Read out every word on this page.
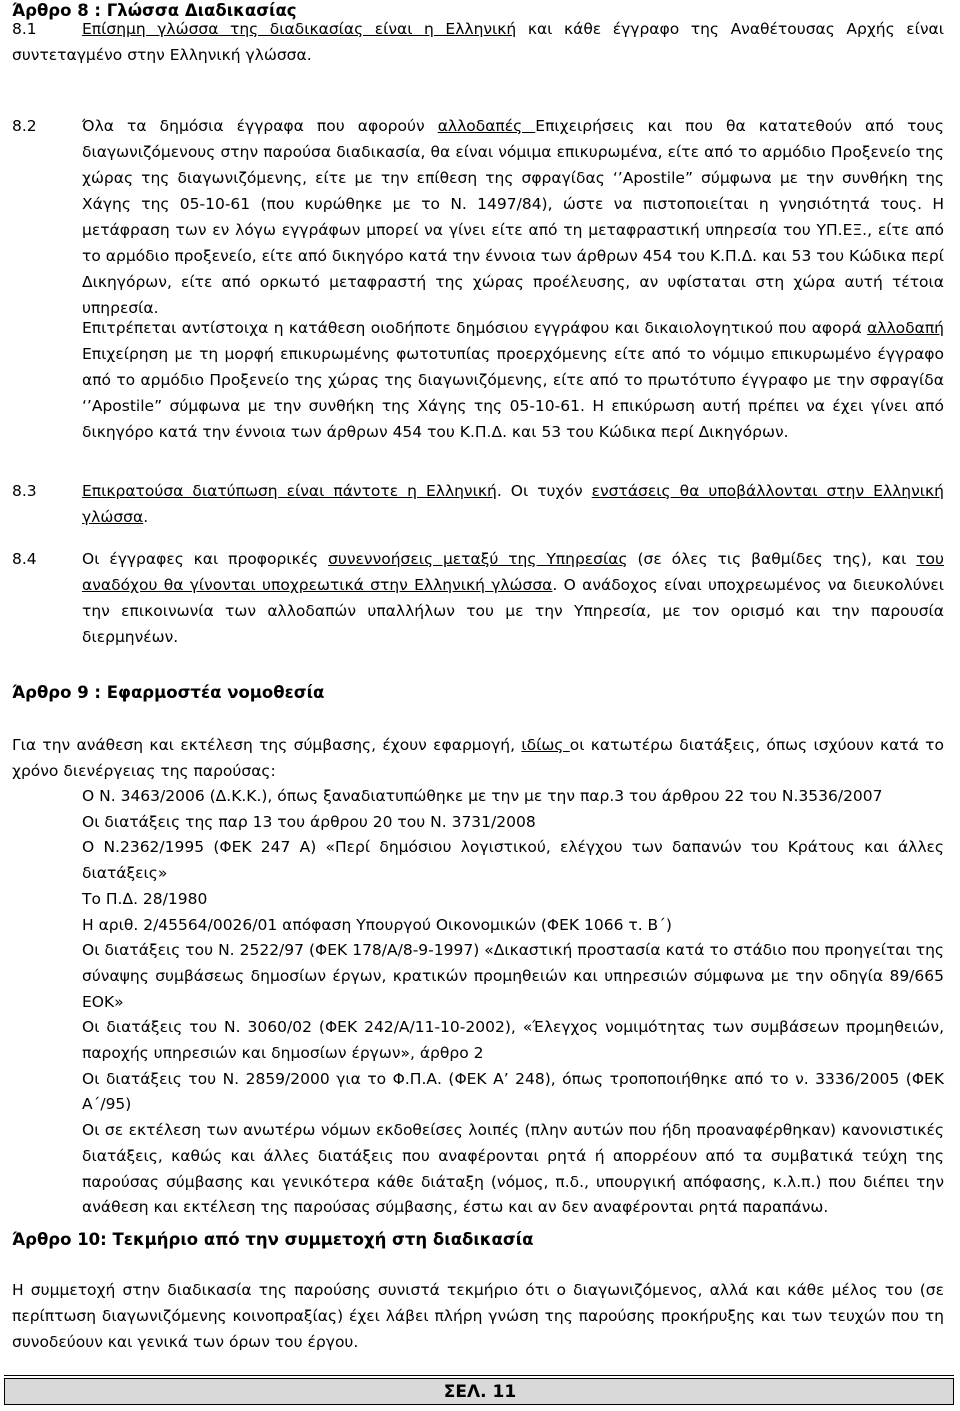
Άρθρο 8 : Γλώσσα Διαδικασίας
8.1	Επίσημη γλώσσα της διαδικασίας είναι η Ελληνική και κάθε έγγραφο της Αναθέτουσας Αρχής είναι συντεταγμένο στην Ελληνική γλώσσα.

8.2	Όλα τα δημόσια έγγραφα που αφορούν αλλοδαπές Επιχειρήσεις και που θα κατατεθούν από τους διαγωνιζόμενους στην παρούσα διαδικασία, θα είναι νόμιμα επικυρωμένα, είτε από το αρμόδιο Προξενείο της χώρας της διαγωνιζόμενης, είτε με την επίθεση της σφραγίδας ‘’Apostile” σύμφωνα με την συνθήκη της Χάγης της 05-10-61 (που κυρώθηκε με το Ν. 1497/84), ώστε να πιστοποιείται η γνησιότητά τους. Η μετάφραση των εν λόγω εγγράφων μπορεί να γίνει είτε από τη μεταφραστική υπηρεσία του ΥΠ.ΕΞ., είτε από το αρμόδιο προξενείο, είτε από δικηγόρο κατά την έννοια των άρθρων 454 του Κ.Π.Δ. και 53 του Κώδικα περί Δικηγόρων, είτε από ορκωτό μεταφραστή της χώρας προέλευσης, αν υφίσταται στη χώρα αυτή τέτοια υπηρεσία.

Επιτρέπεται αντίστοιχα η κατάθεση οιοδήποτε δημόσιου εγγράφου και δικαιολογητικού που αφορά αλλοδαπή Επιχείρηση με τη μορφή επικυρωμένης φωτοτυπίας προερχόμενης είτε από το νόμιμο επικυρωμένο έγγραφο από το αρμόδιο Προξενείο της χώρας της διαγωνιζόμενης, είτε από το πρωτότυπο έγγραφο με την σφραγίδα ‘’Apostile” σύμφωνα με την συνθήκη της Χάγης της 05-10-61. Η επικύρωση αυτή πρέπει να έχει γίνει από δικηγόρο κατά την έννοια των άρθρων 454 του Κ.Π.Δ. και 53 του Κώδικα περί Δικηγόρων.

8.3	Επικρατούσα διατύπωση είναι πάντοτε η Ελληνική. Οι τυχόν ενστάσεις θα υποβάλλονται στην Ελληνική γλώσσα.

8.4	Οι έγγραφες και προφορικές συνεννοήσεις μεταξύ της Υπηρεσίας (σε όλες τις βαθμίδες της), και του αναδόχου θα γίνονται υποχρεωτικά στην Ελληνική γλώσσα. Ο ανάδοχος είναι υποχρεωμένος να διευκολύνει την επικοινωνία των αλλοδαπών υπαλλήλων του με την Υπηρεσία, με τον ορισμό και την παρουσία διερμηνέων.

Άρθρο 9 : Εφαρμοστέα νομοθεσία

Για την ανάθεση και εκτέλεση της σύμβασης, έχουν εφαρμογή, ιδίως οι κατωτέρω διατάξεις, όπως ισχύουν κατά το χρόνο διενέργειας της παρούσας:

Ο Ν. 3463/2006 (Δ.Κ.Κ.), όπως ξαναδιατυπώθηκε με την με την παρ.3 του άρθρου 22 του Ν.3536/2007
Οι διατάξεις της παρ 13 του άρθρου 20 του Ν. 3731/2008
Ο Ν.2362/1995 (ΦΕΚ 247 Α) «Περί δημόσιου λογιστικού, ελέγχου των δαπανών του Κράτους και άλλες διατάξεις»
Το Π.Δ. 28/1980
Η αριθ. 2/45564/0026/01 απόφαση Υπουργού Οικονομικών (ΦΕΚ 1066 τ. Β΄)
Οι διατάξεις του Ν. 2522/97 (ΦΕΚ 178/Α/8-9-1997) «Δικαστική προστασία κατά το στάδιο που προηγείται της σύναψης συμβάσεως δημοσίων έργων, κρατικών προμηθειών και υπηρεσιών σύμφωνα με την οδηγία 89/665 ΕΟΚ»
Οι διατάξεις του Ν. 3060/02 (ΦΕΚ 242/Α/11-10-2002), «Έλεγχος νομιμότητας των συμβάσεων προμηθειών, παροχής υπηρεσιών και δημοσίων έργων», άρθρο 2
Οι διατάξεις του Ν. 2859/2000 για το Φ.Π.Α. (ΦΕΚ Α’ 248), όπως τροποποιήθηκε από το ν. 3336/2005 (ΦΕΚ Α΄/95)
Οι σε εκτέλεση των ανωτέρω νόμων εκδοθείσες λοιπές (πλην αυτών που ήδη προαναφέρθηκαν) κανονιστικές διατάξεις, καθώς και άλλες διατάξεις που αναφέρονται ρητά ή απορρέουν από τα συμβατικά τεύχη της παρούσας σύμβασης και γενικότερα κάθε διάταξη (νόμος, π.δ., υπουργική απόφασης, κ.λ.π.) που διέπει την ανάθεση και εκτέλεση της παρούσας σύμβασης, έστω και αν δεν αναφέρονται ρητά παραπάνω.
Άρθρο 10: Τεκμήριο από την συμμετοχή στη διαδικασία

Η συμμετοχή στην διαδικασία της παρούσης συνιστά τεκμήριο ότι ο διαγωνιζόμενος, αλλά και κάθε μέλος του (σε περίπτωση διαγωνιζόμενης κοινοπραξίας) έχει λάβει πλήρη γνώση της παρούσης προκήρυξης και των τευχών που τη συνοδεύουν και γενικά των όρων του έργου.

ΣΕΛ. 11
